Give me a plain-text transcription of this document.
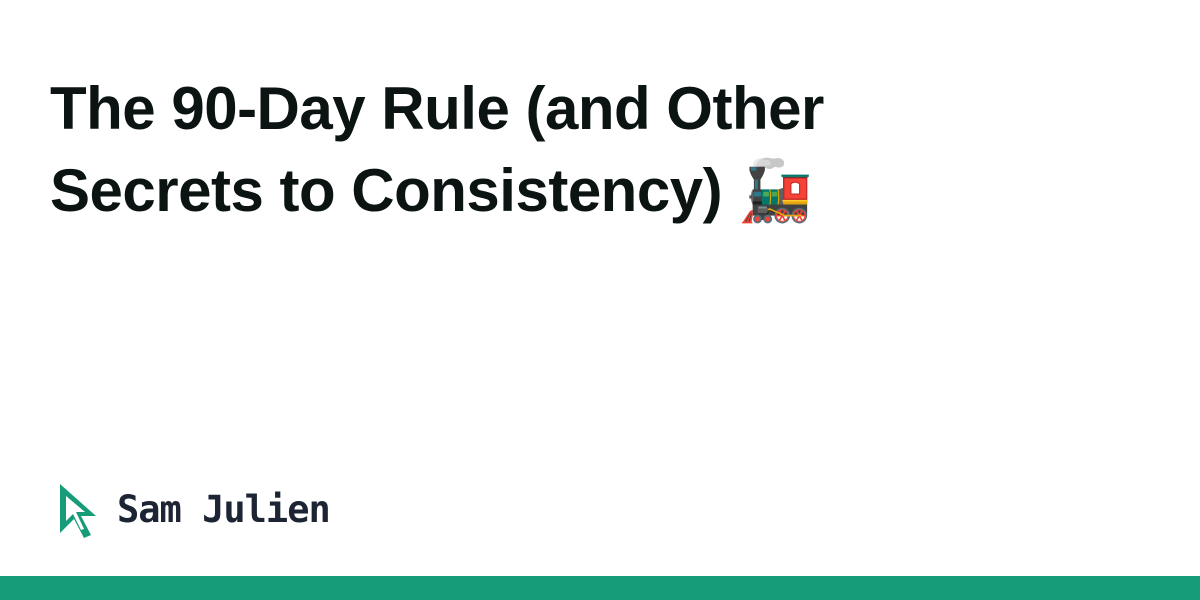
The 90-Day Rule (and Other Secrets to Consistency) 🚂
Sam Julien
